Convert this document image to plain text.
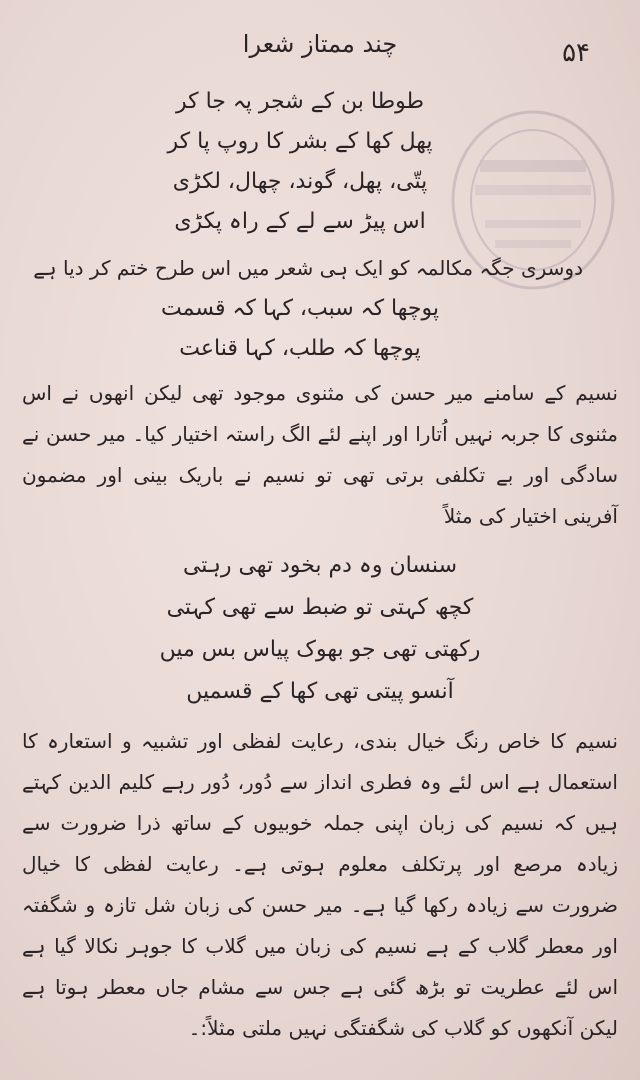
۵۴
چند ممتاز شعرا
طوطا بن کے شجر پہ جا کر
پھل کھا کے بشر کا روپ پا کر
پتّی، پھل، گوند، چھال، لکڑی
اس پیڑ سے لے کے راہ پکڑی
دوسری جگہ مکالمہ کو ایک ہی شعر میں اس طرح ختم کر دیا ہے
پوچھا کہ سبب، کہا کہ قسمت
پوچھا کہ طلب، کہا قناعت
نسیم کے سامنے میر حسن کی مثنوی موجود تھی لیکن انھوں نے اس مثنوی کا جربہ نہیں اُتارا اور اپنے لئے الگ راستہ اختیار کیا۔ میر حسن نے سادگی اور بے تکلفی برتی تھی تو نسیم نے باریک بینی اور مضمون آفرینی اختیار کی مثلاً
سنسان وہ دم بخود تھی رہتی
کچھ کہتی تو ضبط سے تھی کہتی
رکھتی تھی جو بھوک پیاس بس میں
آنسو پیتی تھی کھا کے قسمیں
نسیم کا خاص رنگ خیال بندی، رعایت لفظی اور تشبیہ و استعارہ کا استعمال ہے اس لئے وہ فطری انداز سے دُور، دُور رہے کلیم الدین کہتے ہیں کہ نسیم کی زبان اپنی جملہ خوبیوں کے ساتھ ذرا ضرورت سے زیادہ مرصع اور پرتکلف معلوم ہوتی ہے۔ رعایت لفظی کا خیال ضرورت سے زیادہ رکھا گیا ہے۔ میر حسن کی زبان شل تازہ و شگفتہ اور معطر گلاب کے ہے نسیم کی زبان میں گلاب کا جوہر نکالا گیا ہے اس لئے عطریت تو بڑھ گئی ہے جس سے مشام جاں معطر ہوتا ہے لیکن آنکھوں کو گلاب کی شگفتگی نہیں ملتی مثلاً:۔
